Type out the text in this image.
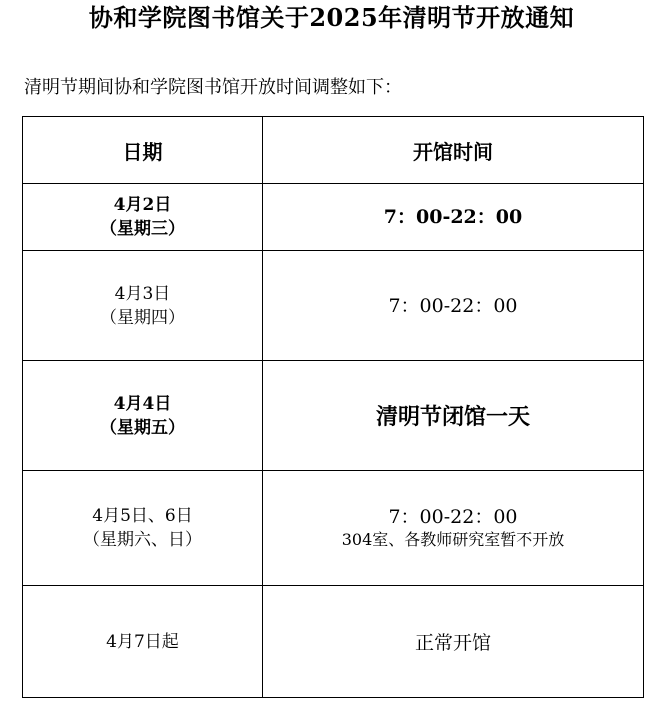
协和学院图书馆关于2025年清明节开放通知
清明节期间协和学院图书馆开放时间调整如下：
日期	开馆时间

4月2日
（星期三）	7：00-22：00

4月3日
（星期四）	7：00-22：00

4月4日
（星期五）	清明节闭馆一天

4月5日、6日
（星期六、日）	7：00-22：00
304室、各教师研究室暂不开放

4月7日起	正常开馆
